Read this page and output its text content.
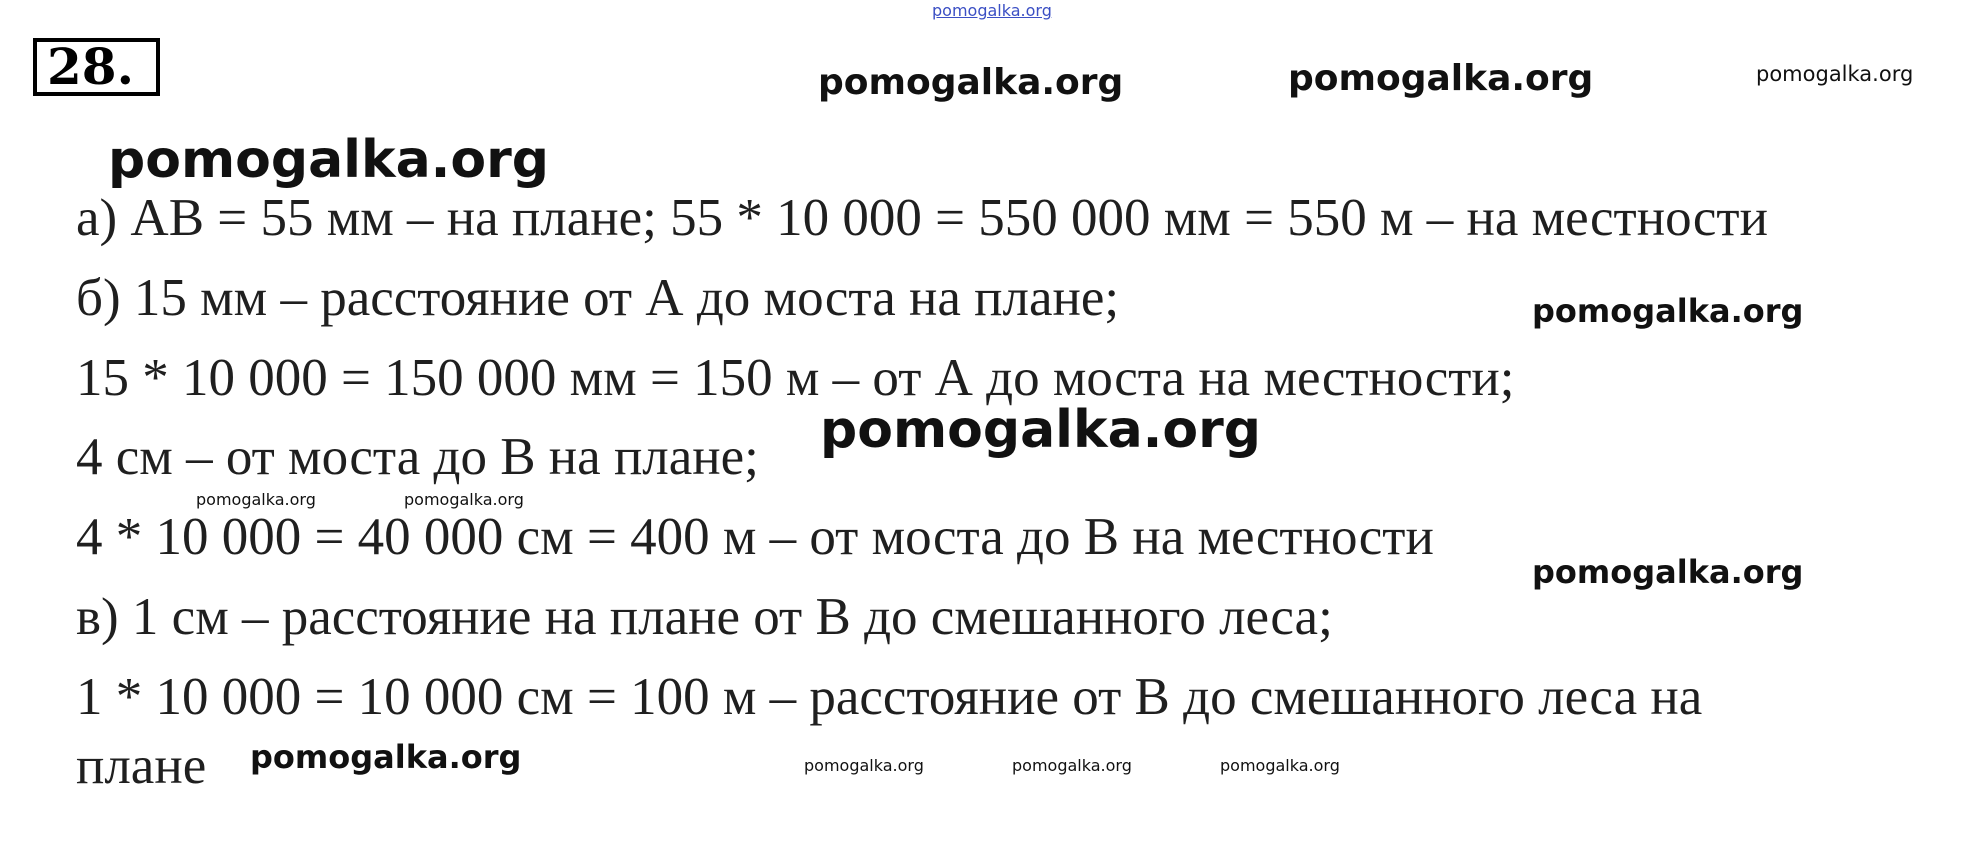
28.

а) АВ = 55 мм – на плане; 55 * 10 000 = 550 000 мм = 550 м – на местности

б) 15 мм – расстояние от А до моста на плане;

15 * 10 000 = 150 000 мм = 150 м – от А до моста на местности;

4 см – от моста до В на плане;

4 * 10 000 = 40 000 см = 400 м – от моста до В на местности

в) 1 см – расстояние на плане от В до смешанного леса;

1 * 10 000 = 10 000 см = 100 м – расстояние от В до смешанного леса на

плане

pomogalka.org
pomogalka.org	pomogalka.org	pomogalka.org
pomogalka.org
pomogalka.org
pomogalka.org
pomogalka.org	pomogalka.org
pomogalka.org
pomogalka.org	pomogalka.org	pomogalka.org	pomogalka.org
